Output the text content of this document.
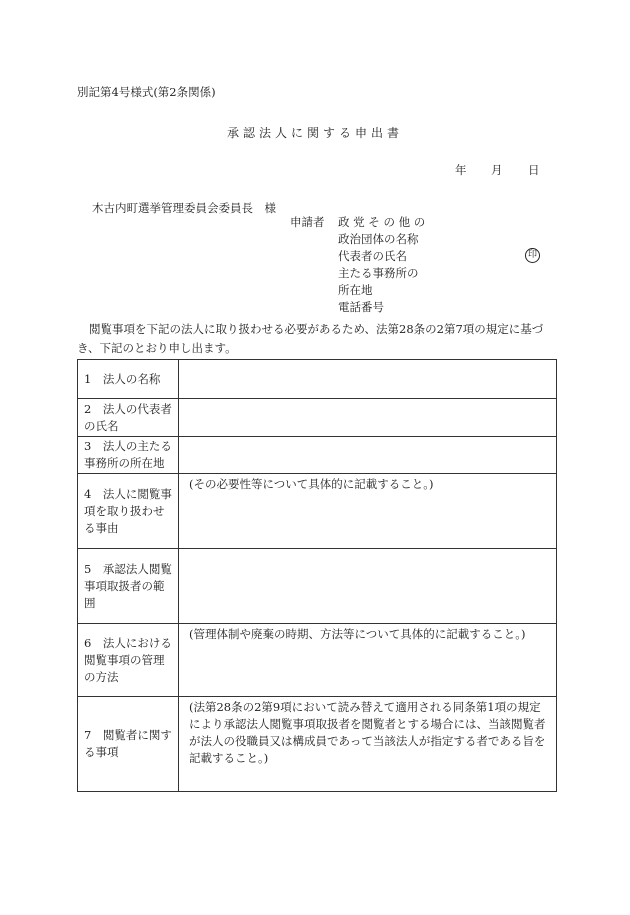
別記第4号様式(第2条関係)
承認法人に関する申出書
年 月 日
木古内町選挙管理委員会委員長　様
申請者 政 党 そ の 他 の
政治団体の名称
代表者の氏名	印
主たる事務所の
所在地
電話番号
閲覧事項を下記の法人に取り扱わせる必要があるため、法第28条の2第7項の規定に基づき、下記のとおり申し出ます。
1　法人の名称	

2　法人の代表者の氏名	

3　法人の主たる事務所の所在地	

4　法人に閲覧事項を取り扱わせる事由	(その必要性等について具体的に記載すること。)

5　承認法人閲覧事項取扱者の範囲	

6　法人における閲覧事項の管理の方法	(管理体制や廃棄の時期、方法等について具体的に記載すること。)

7　閲覧者に関する事項	(法第28条の2第9項において読み替えて適用される同条第1項の規定により承認法人閲覧事項取扱者を閲覧者とする場合には、当該閲覧者が法人の役職員又は構成員であって当該法人が指定する者である旨を記載すること。)
